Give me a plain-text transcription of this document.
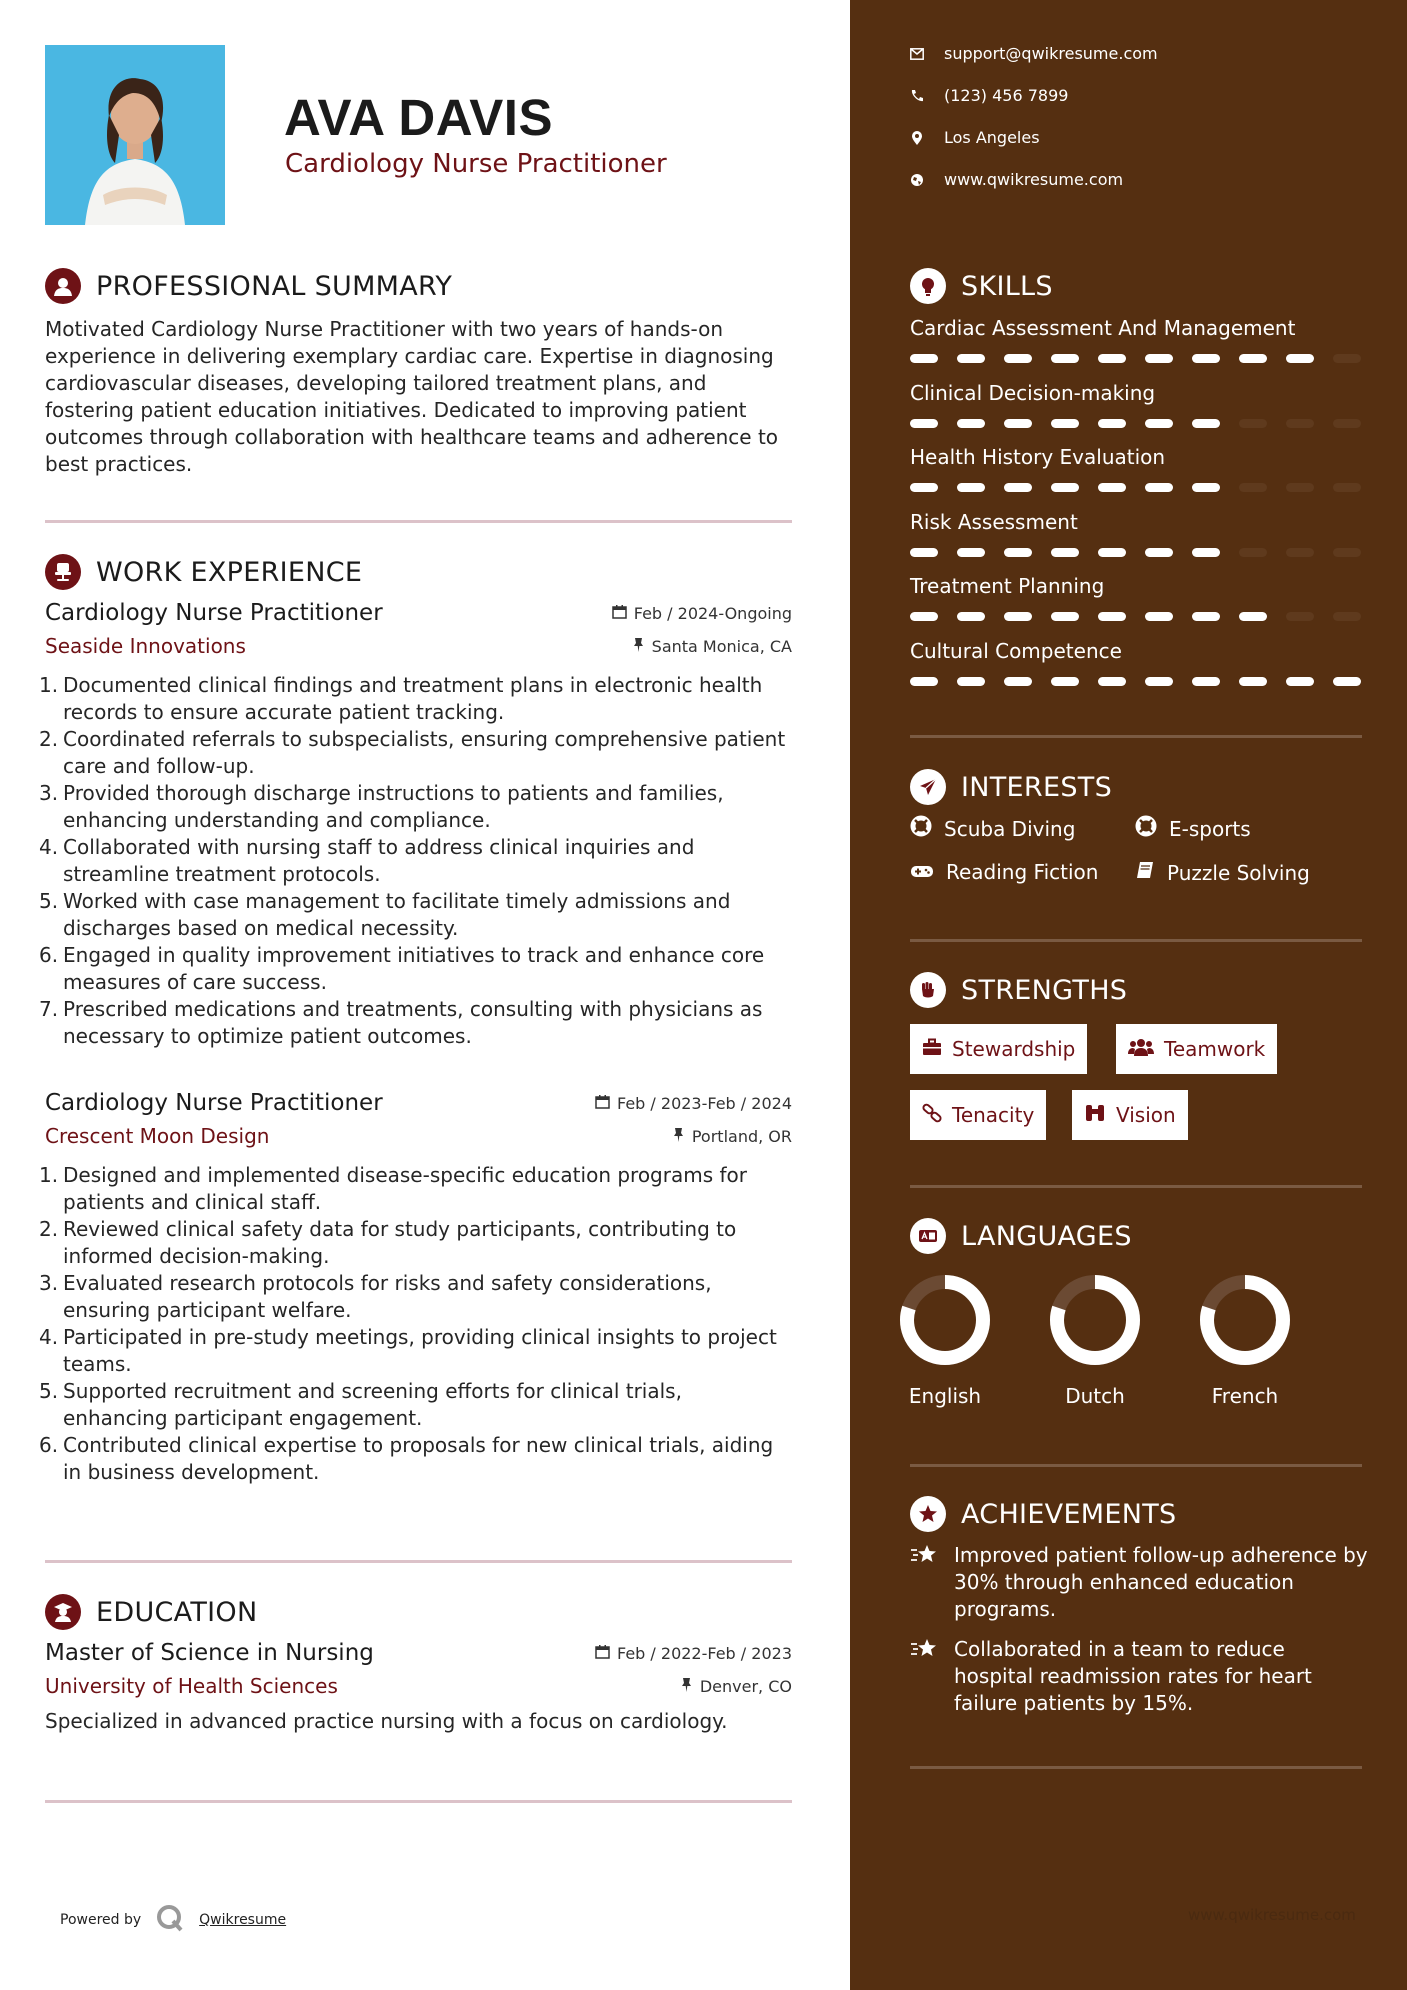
AVA DAVIS
Cardiology Nurse Practitioner
PROFESSIONAL SUMMARY
Motivated Cardiology Nurse Practitioner with two years of hands-on experience in delivering exemplary cardiac care. Expertise in diagnosing cardiovascular diseases, developing tailored treatment plans, and fostering patient education initiatives. Dedicated to improving patient outcomes through collaboration with healthcare teams and adherence to best practices.
WORK EXPERIENCE
Cardiology Nurse Practitioner	Feb / 2024-Ongoing
Seaside Innovations	Santa Monica, CA
1. Documented clinical findings and treatment plans in electronic health records to ensure accurate patient tracking.
2. Coordinated referrals to subspecialists, ensuring comprehensive patient care and follow-up.
3. Provided thorough discharge instructions to patients and families, enhancing understanding and compliance.
4. Collaborated with nursing staff to address clinical inquiries and streamline treatment protocols.
5. Worked with case management to facilitate timely admissions and discharges based on medical necessity.
6. Engaged in quality improvement initiatives to track and enhance core measures of care success.
7. Prescribed medications and treatments, consulting with physicians as necessary to optimize patient outcomes.
Cardiology Nurse Practitioner	Feb / 2023-Feb / 2024
Crescent Moon Design	Portland, OR
1. Designed and implemented disease-specific education programs for patients and clinical staff.
2. Reviewed clinical safety data for study participants, contributing to informed decision-making.
3. Evaluated research protocols for risks and safety considerations, ensuring participant welfare.
4. Participated in pre-study meetings, providing clinical insights to project teams.
5. Supported recruitment and screening efforts for clinical trials, enhancing participant engagement.
6. Contributed clinical expertise to proposals for new clinical trials, aiding in business development.
EDUCATION
Master of Science in Nursing	Feb / 2022-Feb / 2023
University of Health Sciences	Denver, CO
Specialized in advanced practice nursing with a focus on cardiology.
Powered by	Qwikresume
support@qwikresume.com
(123) 456 7899
Los Angeles
www.qwikresume.com
SKILLS
Cardiac Assessment And Management
Clinical Decision-making
Health History Evaluation
Risk Assessment
Treatment Planning
Cultural Competence
INTERESTS
Scuba Diving	E-sports
Reading Fiction	Puzzle Solving
STRENGTHS
Stewardship	Teamwork
Tenacity	Vision
LANGUAGES
English	Dutch	French
ACHIEVEMENTS
Improved patient follow-up adherence by 30% through enhanced education programs.
Collaborated in a team to reduce hospital readmission rates for heart failure patients by 15%.
www.qwikresume.com
